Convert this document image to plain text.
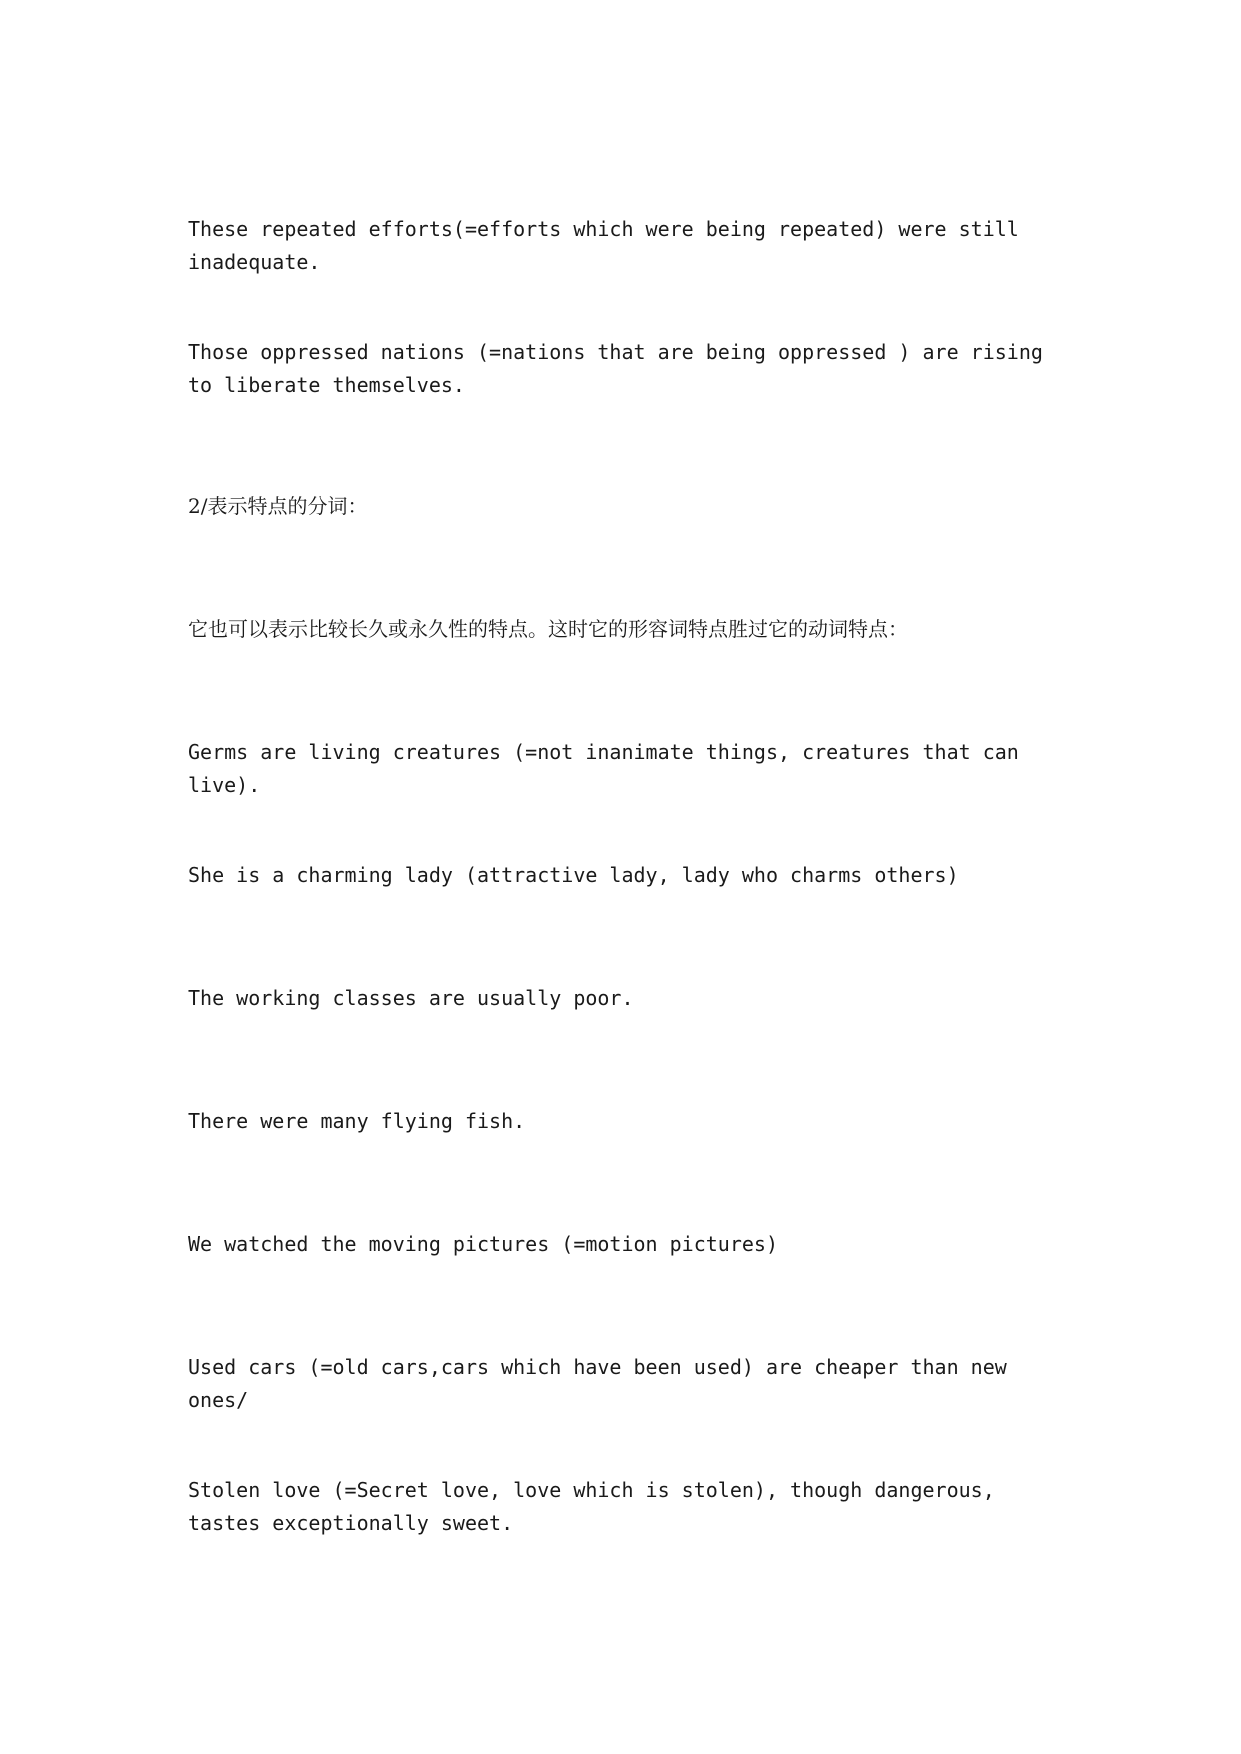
These repeated efforts(=efforts which were being repeated) were still inadequate.

Those oppressed nations (=nations that are being oppressed ) are rising to liberate themselves.

2/表示特点的分词：

它也可以表示比较长久或永久性的特点。这时它的形容词特点胜过它的动词特点：

Germs are living creatures (=not inanimate things, creatures that can live).

She is a charming lady (attractive lady, lady who charms others)

The working classes are usually poor.

There were many flying fish.

We watched the moving pictures (=motion pictures)

Used cars (=old cars,cars which have been used) are cheaper than new ones/

Stolen love (=Secret love, love which is stolen), though dangerous, tastes exceptionally sweet.
